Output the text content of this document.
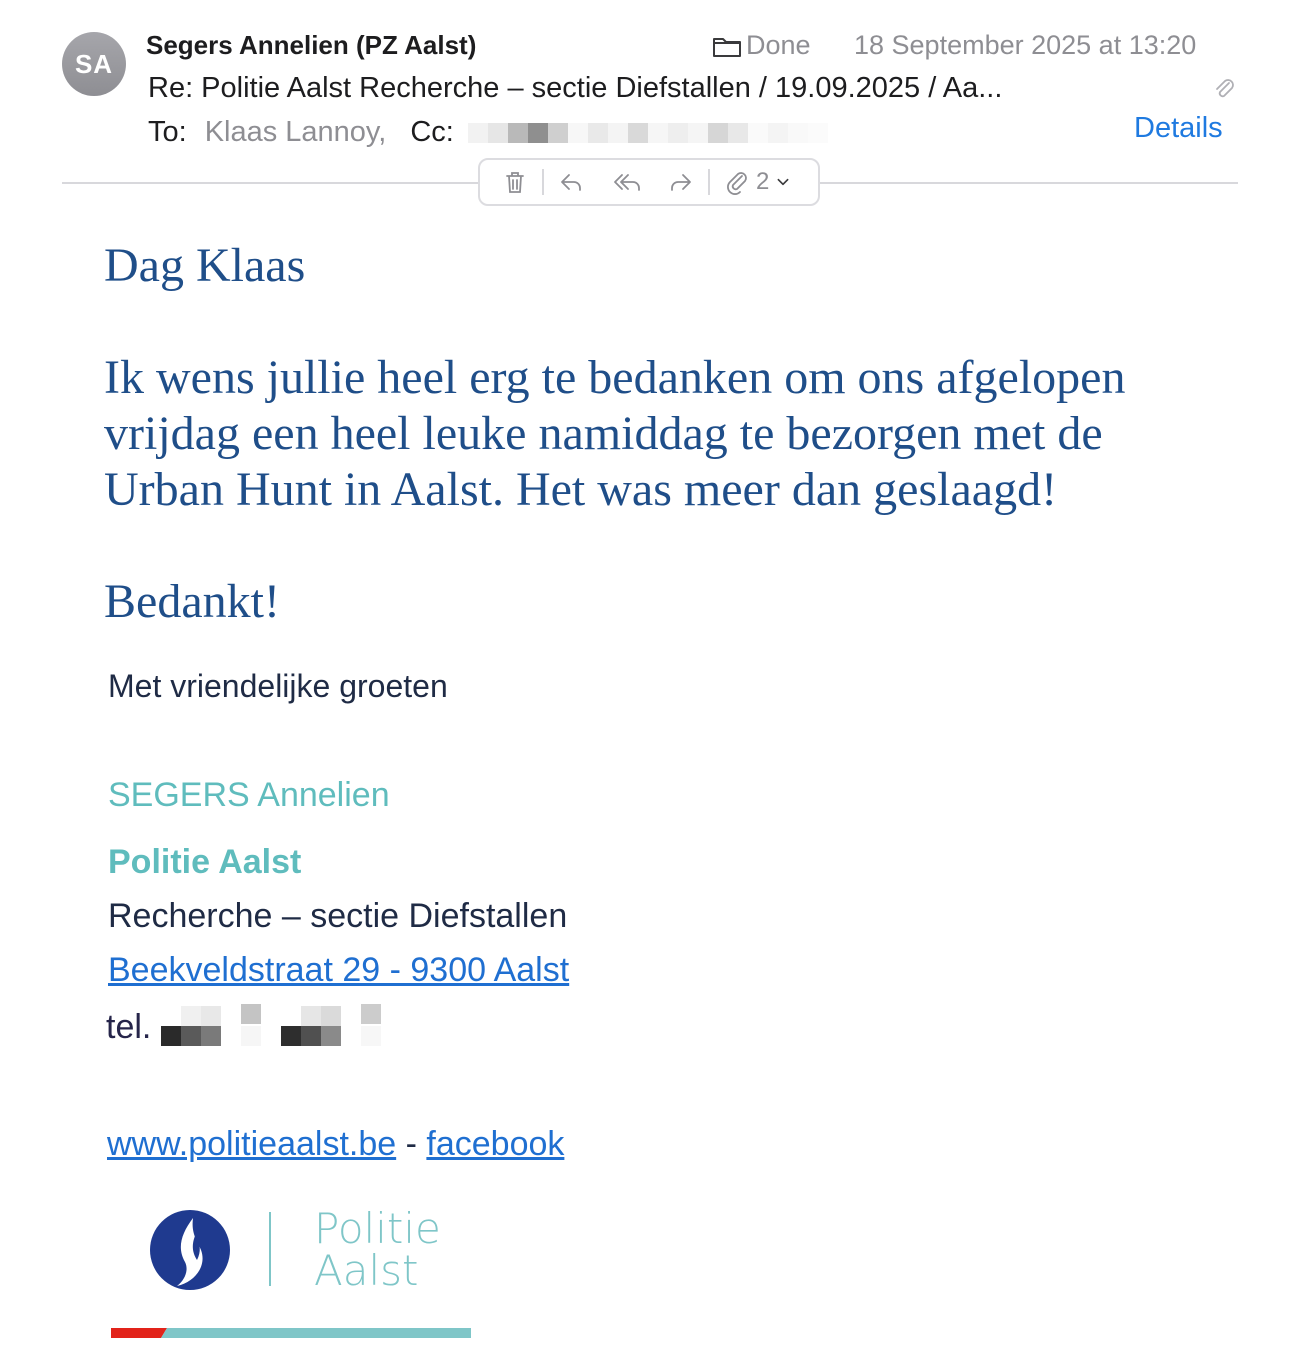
SA
Segers Annelien (PZ Aalst)	Done 18 September 2025 at 13:20
Re: Politie Aalst Recherche – sectie Diefstallen / 19.09.2025 / Aa...
To: Klaas Lannoy, Cc:	Details
2
Dag Klaas
Ik wens jullie heel erg te bedanken om ons afgelopen vrijdag een heel leuke namiddag te bezorgen met de Urban Hunt in Aalst. Het was meer dan geslaagd!
Bedankt!
Met vriendelijke groeten
SEGERS Annelien
Politie Aalst
Recherche – sectie Diefstallen
Beekveldstraat 29 - 9300 Aalst
tel.
www.politieaalst.be - facebook
Politie
Aalst
